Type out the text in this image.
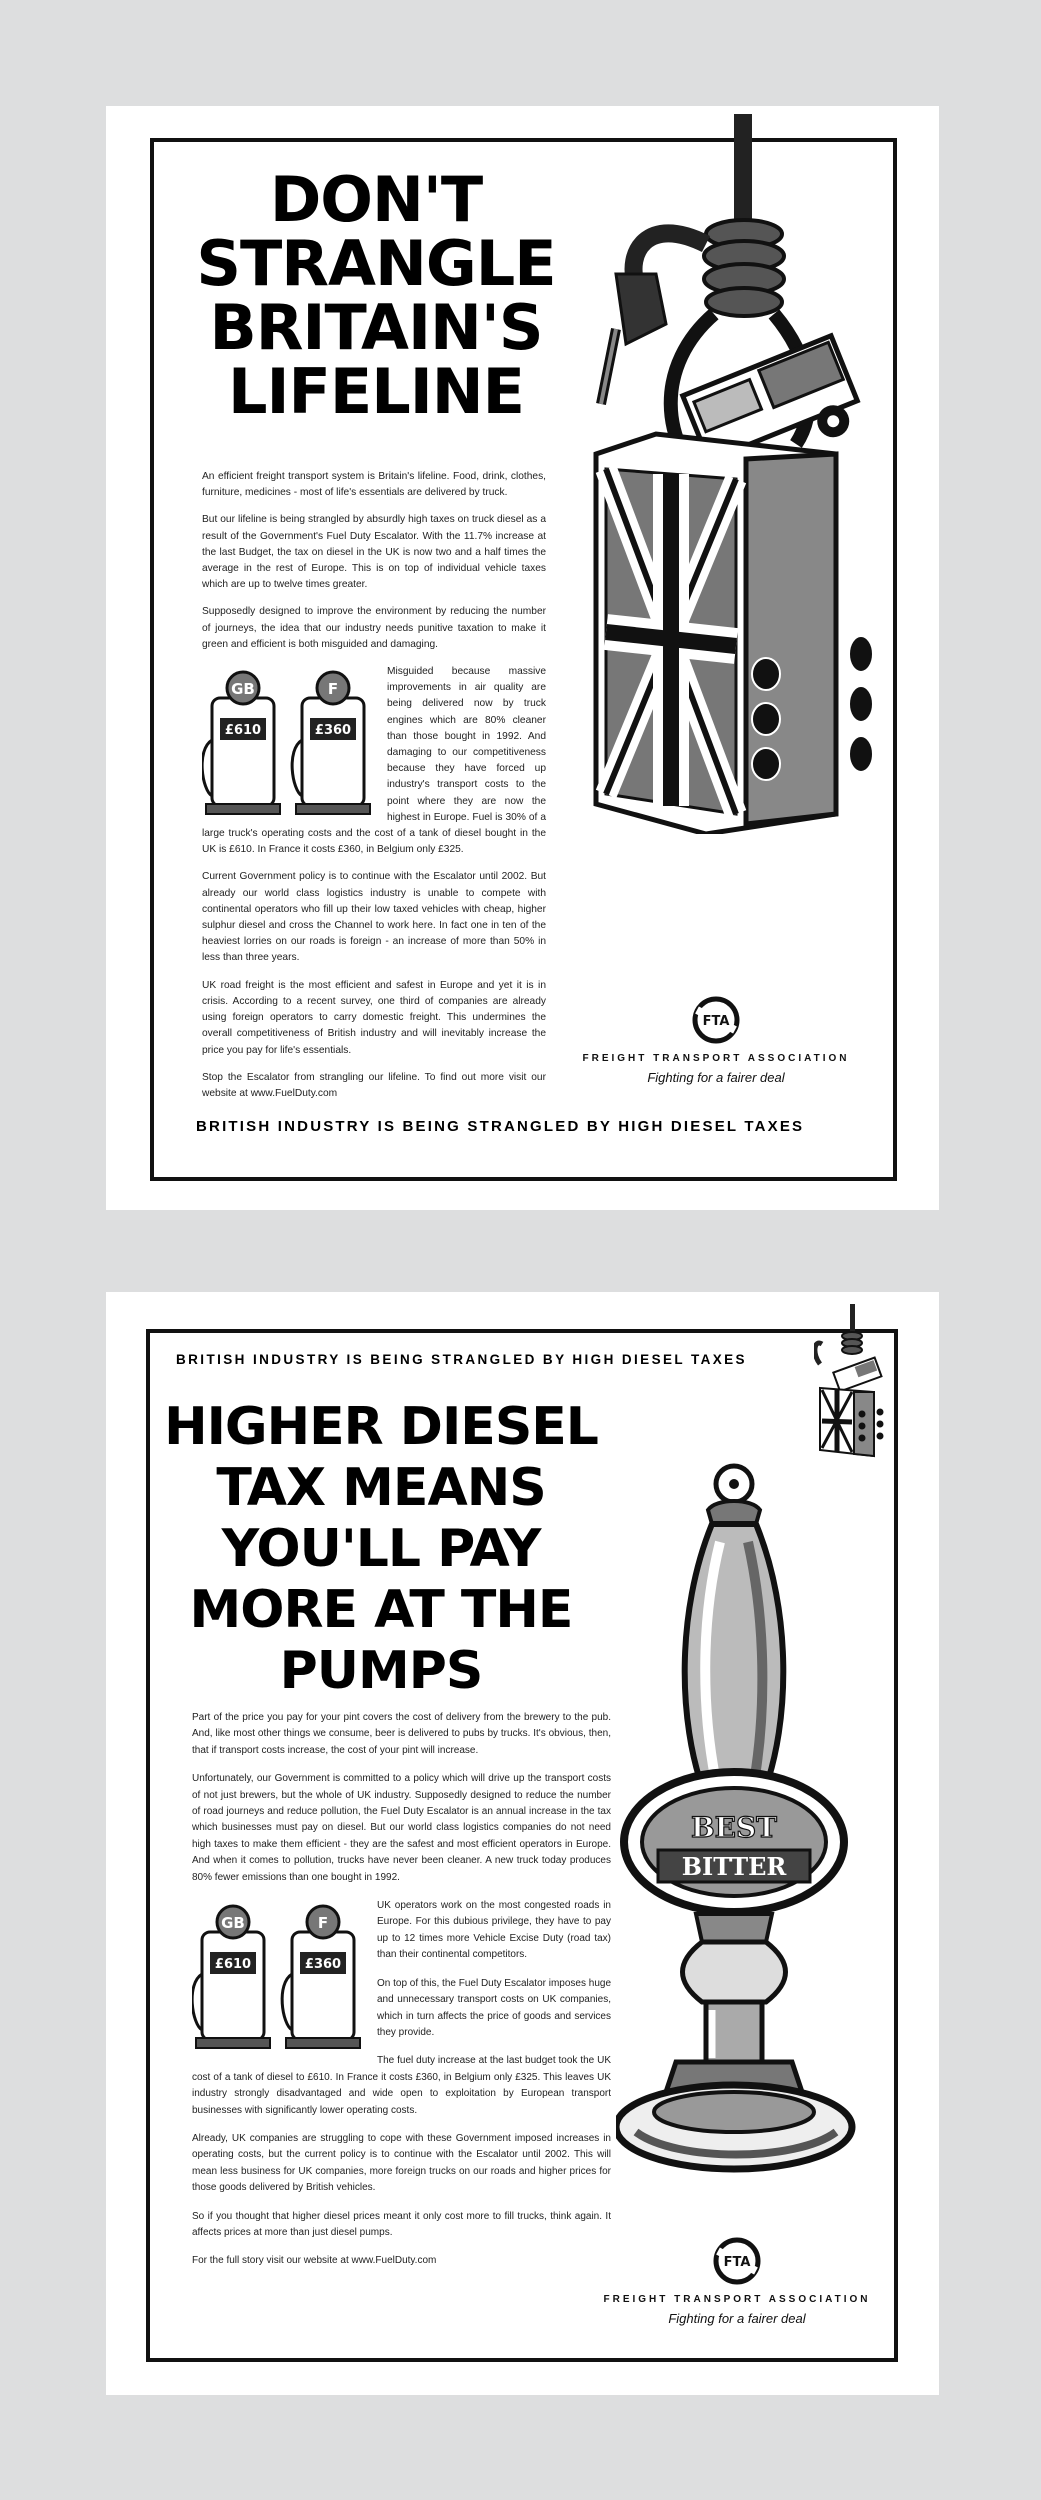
DON'T STRANGLE BRITAIN'S LIFELINE

An efficient freight transport system is Britain's lifeline. Food, drink, clothes, furniture, medicines - most of life's essentials are delivered by truck.

But our lifeline is being strangled by absurdly high taxes on truck diesel as a result of the Government's Fuel Duty Escalator. With the 11.7% increase at the last Budget, the tax on diesel in the UK is now two and a half times the average in the rest of Europe. This is on top of individual vehicle taxes which are up to twelve times greater.

Supposedly designed to improve the environment by reducing the number of journeys, the idea that our industry needs punitive taxation to make it green and efficient is both misguided and damaging.

GB
£610
F
£360

Misguided because massive improvements in air quality are being delivered now by truck engines which are 80% cleaner than those bought in 1992. And damaging to our competitiveness because they have forced up industry's transport costs to the point where they are now the highest in Europe. Fuel is 30% of a large truck's operating costs and the cost of a tank of diesel bought in the UK is £610. In France it costs £360, in Belgium only £325.

Current Government policy is to continue with the Escalator until 2002. But already our world class logistics industry is unable to compete with continental operators who fill up their low taxed vehicles with cheap, higher sulphur diesel and cross the Channel to work here. In fact one in ten of the heaviest lorries on our roads is foreign - an increase of more than 50% in less than three years.

UK road freight is the most efficient and safest in Europe and yet it is in crisis. According to a recent survey, one third of companies are already using foreign operators to carry domestic freight. This undermines the overall competitiveness of British industry and will inevitably increase the price you pay for life's essentials.

Stop the Escalator from strangling our lifeline. To find out more visit our website at www.FuelDuty.com

FTA
FREIGHT TRANSPORT ASSOCIATION
Fighting for a fairer deal
BRITISH INDUSTRY IS BEING STRANGLED BY HIGH DIESEL TAXES
BRITISH INDUSTRY IS BEING STRANGLED BY HIGH DIESEL TAXES
HIGHER DIESEL TAX MEANS YOU'LL PAY MORE AT THE PUMPS

Part of the price you pay for your pint covers the cost of delivery from the brewery to the pub. And, like most other things we consume, beer is delivered to pubs by trucks. It's obvious, then, that if transport costs increase, the cost of your pint will increase.

Unfortunately, our Government is committed to a policy which will drive up the transport costs of not just brewers, but the whole of UK industry. Supposedly designed to reduce the number of road journeys and reduce pollution, the Fuel Duty Escalator is an annual increase in the tax which businesses must pay on diesel. But our world class logistics companies do not need high taxes to make them efficient - they are the safest and most efficient operators in Europe. And when it comes to pollution, trucks have never been cleaner. A new truck today produces 80% fewer emissions than one bought in 1992.

GB
£610
F
£360

UK operators work on the most congested roads in Europe. For this dubious privilege, they have to pay up to 12 times more Vehicle Excise Duty (road tax) than their continental competitors.

On top of this, the Fuel Duty Escalator imposes huge and unnecessary transport costs on UK companies, which in turn affects the price of goods and services they provide.

The fuel duty increase at the last budget took the UK cost of a tank of diesel to £610. In France it costs £360, in Belgium only £325. This leaves UK industry strongly disadvantaged and wide open to exploitation by European transport businesses with significantly lower operating costs.

Already, UK companies are struggling to cope with these Government imposed increases in operating costs, but the current policy is to continue with the Escalator until 2002. This will mean less business for UK companies, more foreign trucks on our roads and higher prices for those goods delivered by British vehicles.

So if you thought that higher diesel prices meant it only cost more to fill trucks, think again. It affects prices at more than just diesel pumps.

For the full story visit our website at www.FuelDuty.com

BEST
BITTER
FTA
FREIGHT TRANSPORT ASSOCIATION
Fighting for a fairer deal
